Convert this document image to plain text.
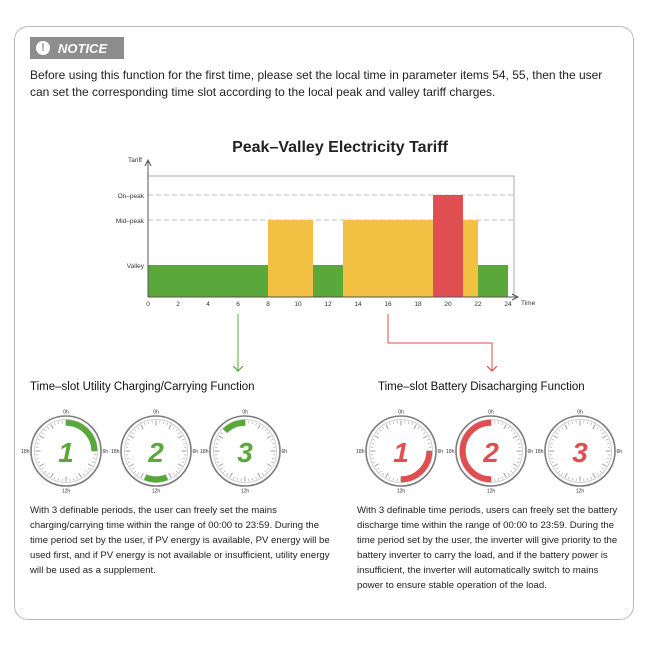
!	NOTICE
Before using this function for the first time, please set the local time in parameter items 54, 55, then the user can set the corresponding time slot according to the local peak and valley tariff charges.
Peak–Valley Electricity Tariff
Valley
Mid–peak
On–peak
Tariff
Time
0	2	4	6	8	10	12	14	16	18	20	22	24
1
0h
12h
18h	6h 2
0h
12h
18h	6h 3
0h
12h
18h	6h	1
0h
12h
18h	6h 2
0h
12h
18h	6h 3
0h
12h
18h	6h
Time–slot Utility Charging/Carrying Function	Time–slot Battery Disacharging Function
With 3 definable periods, the user can freely set the mains charging/carrying time within the range of 00:00 to 23:59. During the time period set by the user, if PV energy is available, PV energy will be used first, and if PV energy is not available or insufficient, utility energy will be used as a supplement.
With 3 definable time periods, users can freely set the battery discharge time within the range of 00:00 to 23:59. During the time period set by the user, the inverter will give priority to the battery inverter to carry the load, and if the battery power is insufficient, the inverter will automatically switch to mains power to ensure stable operation of the load.
